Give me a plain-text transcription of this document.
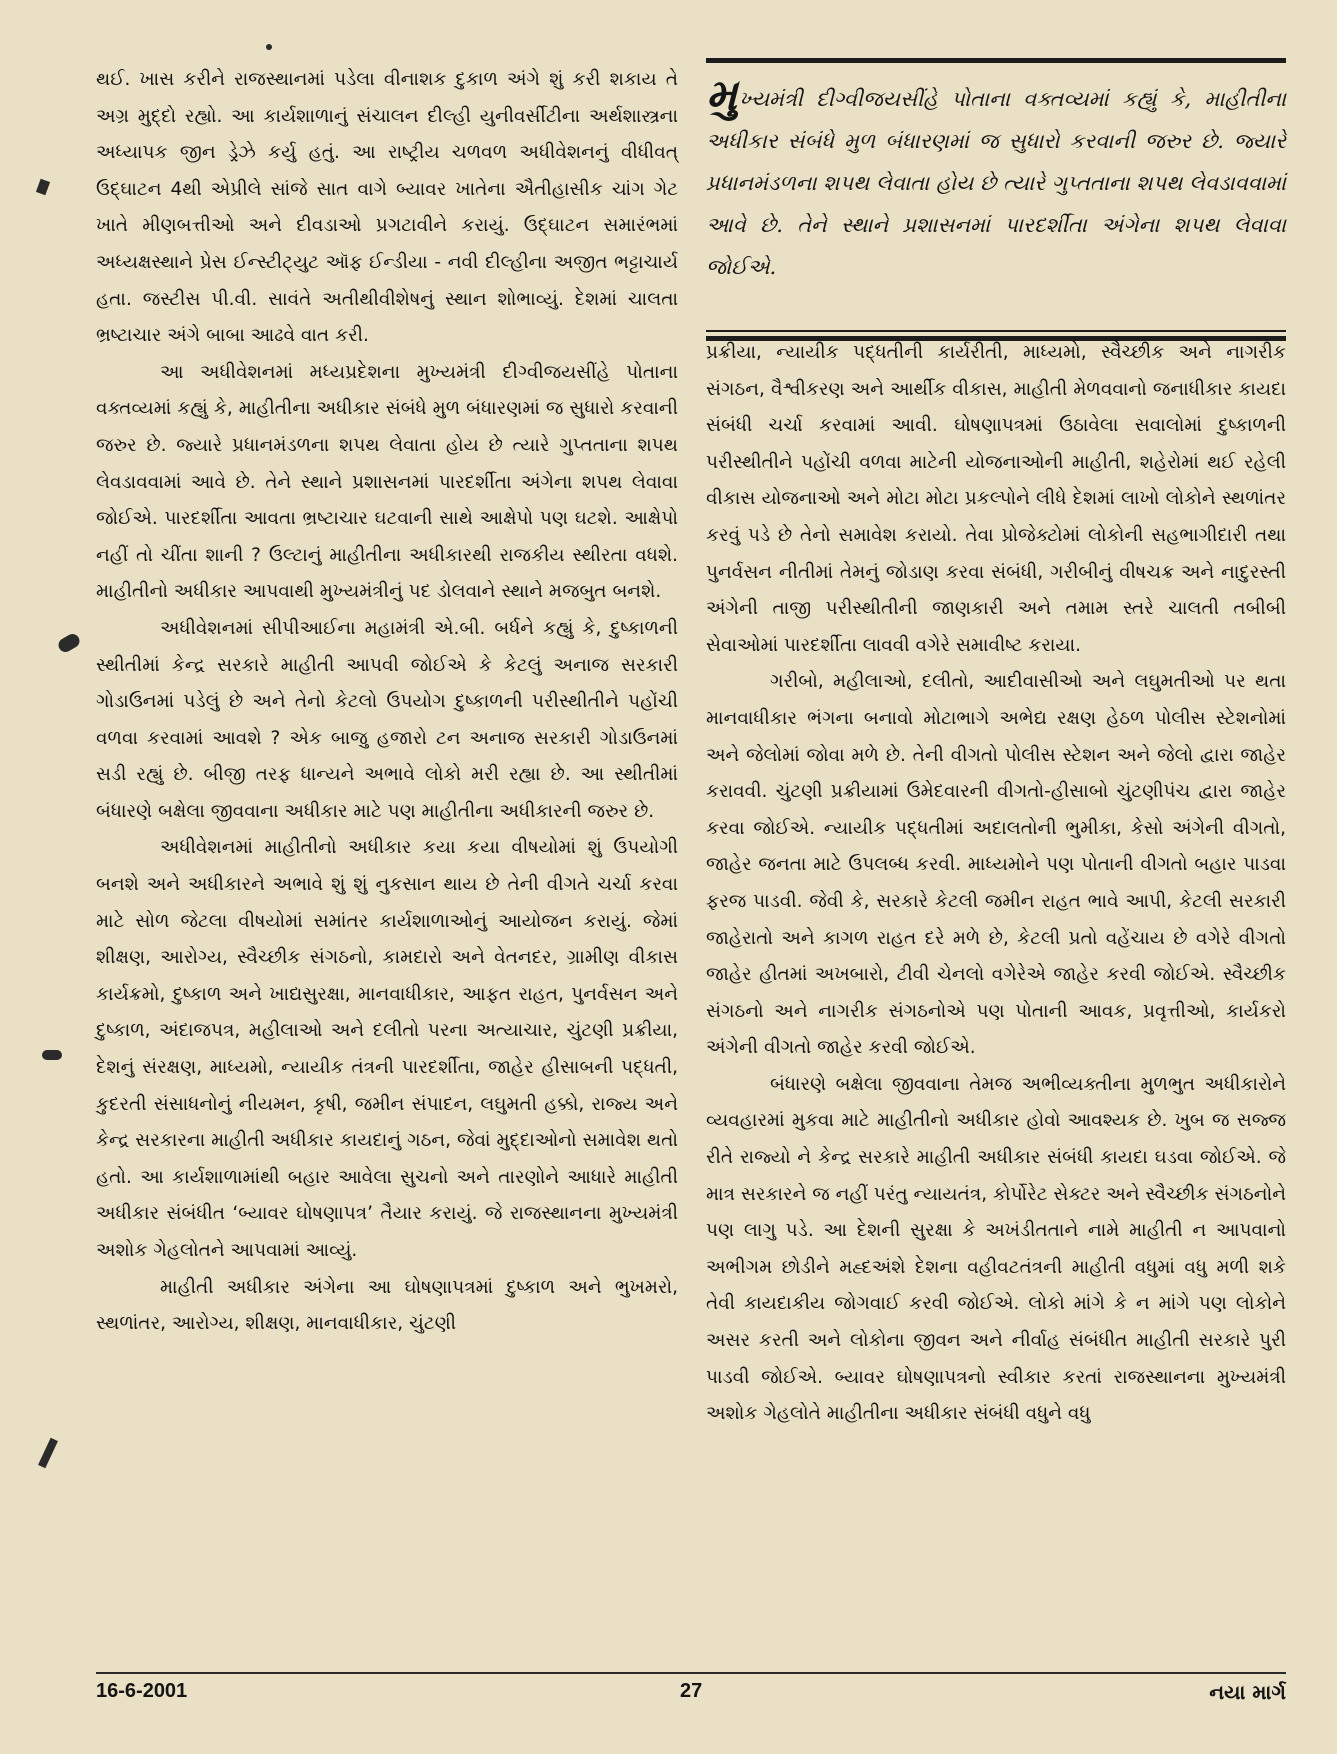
થઈ. ખાસ કરીને રાજસ્થાનમાં પડેલા વીનાશક દુકાળ અંગે શું કરી શકાય તે અગ્ર મુદ્દો રહ્યો. આ કાર્યશાળાનું સંચાલન દીલ્હી યુનીવર્સીટીના અર્થશાસ્ત્રના અધ્યાપક જીન ડ્રેઝે કર્યુ હતું. આ રાષ્ટ્રીય ચળવળ અધીવેશનનું વીધીવત્ ઉદ્ઘાટન 4થી એપ્રીલે સાંજે સાત વાગે બ્યાવર ખાતેના ઐતીહાસીક ચાંગ ગેટ ખાતે મીણબત્તીઓ અને દીવડાઓ પ્રગટાવીને કરાયું. ઉદ્ઘાટન સમારંભમાં અધ્યક્ષસ્થાને પ્રેસ ઈન્સ્ટીટ્યુટ ઑફ ઈન્ડીયા - નવી દીલ્હીના અજીત ભટ્ટાચાર્ય હતા. જસ્ટીસ પી.વી. સાવંતે અતીથીવીશેષનું સ્થાન શોભાવ્યું. દેશમાં ચાલતા ભ્રષ્ટાચાર અંગે બાબા આઢવે વાત કરી.

આ અધીવેશનમાં મધ્યપ્રદેશના મુખ્યમંત્રી દીગ્વીજયસીંહે પોતાના વક્તવ્યમાં કહ્યું કે, માહીતીના અધીકાર સંબંધે મુળ બંધારણમાં જ સુધારો કરવાની જરુર છે. જ્યારે પ્રધાનમંડળના શપથ લેવાતા હોય છે ત્યારે ગુપ્તતાના શપથ લેવડાવવામાં આવે છે. તેને સ્થાને પ્રશાસનમાં પારદર્શીતા અંગેના શપથ લેવાવા જોઈએ. પારદર્શીતા આવતા ભ્રષ્ટાચાર ઘટવાની સાથે આક્ષેપો પણ ઘટશે. આક્ષેપો નહીં તો ચીંતા શાની ? ઉલ્ટાનું માહીતીના અધીકારથી રાજકીય સ્થીરતા વધશે. માહીતીનો અધીકાર આપવાથી મુખ્યમંત્રીનું પદ ડોલવાને સ્થાને મજબુત બનશે.

અધીવેશનમાં સીપીઆઈના મહામંત્રી એ.બી. બર્ધને કહ્યું કે, દુષ્કાળની સ્થીતીમાં કેન્દ્ર સરકારે માહીતી આપવી જોઈએ કે કેટલું અનાજ સરકારી ગોડાઉનમાં પડેલું છે અને તેનો કેટલો ઉપયોગ દુષ્કાળની પરીસ્થીતીને પહોંચી વળવા કરવામાં આવશે ? એક બાજુ હજારો ટન અનાજ સરકારી ગોડાઉનમાં સડી રહ્યું છે. બીજી તરફ ધાન્યને અભાવે લોકો મરી રહ્યા છે. આ સ્થીતીમાં બંધારણે બક્ષેલા જીવવાના અધીકાર માટે પણ માહીતીના અધીકારની જરુર છે.

અધીવેશનમાં માહીતીનો અધીકાર કયા કયા વીષયોમાં શું ઉપયોગી બનશે અને અધીકારને અભાવે શું શું નુકસાન થાય છે તેની વીગતે ચર્ચા કરવા માટે સોળ જેટલા વીષયોમાં સમાંતર કાર્યશાળાઓનું આયોજન કરાયું. જેમાં શીક્ષણ, આરોગ્ય, સ્વૈચ્છીક સંગઠનો, કામદારો અને વેતનદર, ગ્રામીણ વીકાસ કાર્યક્રમો, દુષ્કાળ અને ખાદ્યસુરક્ષા, માનવાધીકાર, આફત રાહત, પુનર્વસન અને દુષ્કાળ, અંદાજપત્ર, મહીલાઓ અને દલીતો પરના અત્યાચાર, ચુંટણી પ્રક્રીયા, દેશનું સંરક્ષણ, માધ્યમો, ન્યાયીક તંત્રની પારદર્શીતા, જાહેર હીસાબની પદ્ધતી, કુદરતી સંસાધનોનું નીયમન, કૃષી, જમીન સંપાદન, લઘુમતી હક્કો, રાજ્ય અને કેન્દ્ર સરકારના માહીતી અધીકાર કાયદાનું ગઠન, જેવાં મુદ્દાઓનો સમાવેશ થતો હતો. આ કાર્યશાળામાંથી બહાર આવેલા સુચનો અને તારણોને આધારે માહીતી અધીકાર સંબંધીત ‘બ્યાવર ઘોષણાપત્ર’ તૈયાર કરાયું. જે રાજસ્થાનના મુખ્યમંત્રી અશોક ગેહલોતને આપવામાં આવ્યું.

માહીતી અધીકાર અંગેના આ ઘોષણાપત્રમાં દુષ્કાળ અને ભુખમરો, સ્થળાંતર, આરોગ્ય, શીક્ષણ, માનવાધીકાર, ચુંટણી

મુખ્યમંત્રી દીગ્વીજયસીંહે પોતાના વક્તવ્યમાં કહ્યું કે, માહીતીના અધીકાર સંબંધે મુળ બંધારણમાં જ સુધારો કરવાની જરુર છે. જ્યારે પ્રધાનમંડળના શપથ લેવાતા હોય છે ત્યારે ગુપ્તતાના શપથ લેવડાવવામાં આવે છે. તેને સ્થાને પ્રશાસનમાં પારદર્શીતા અંગેના શપથ લેવાવા જોઈએ.

પ્રક્રીયા, ન્યાયીક પદ્ધતીની કાર્યરીતી, માધ્યમો, સ્વૈચ્છીક અને નાગરીક સંગઠન, વૈશ્વીકરણ અને આર્થીક વીકાસ, માહીતી મેળવવાનો જનાધીકાર કાયદા સંબંધી ચર્ચા કરવામાં આવી. ઘોષણાપત્રમાં ઉઠાવેલા સવાલોમાં દુષ્કાળની પરીસ્થીતીને પહોંચી વળવા માટેની યોજનાઓની માહીતી, શહેરોમાં થઈ રહેલી વીકાસ યોજનાઓ અને મોટા મોટા પ્રકલ્પોને લીધે દેશમાં લાખો લોકોને સ્થળાંતર કરવું પડે છે તેનો સમાવેશ કરાયો. તેવા પ્રોજેક્ટોમાં લોકોની સહભાગીદારી તથા પુનર્વસન નીતીમાં તેમનું જોડાણ કરવા સંબંધી, ગરીબીનું વીષચક્ર અને નાદુરસ્તી અંગેની તાજી પરીસ્થીતીની જાણકારી અને તમામ સ્તરે ચાલતી તબીબી સેવાઓમાં પારદર્શીતા લાવવી વગેરે સમાવીષ્ટ કરાયા.

ગરીબો, મહીલાઓ, દલીતો, આદીવાસીઓ અને લઘુમતીઓ પર થતા માનવાધીકાર ભંગના બનાવો મોટાભાગે અભેદ્ય રક્ષણ હેઠળ પોલીસ સ્ટેશનોમાં અને જેલોમાં જોવા મળે છે. તેની વીગતો પોલીસ સ્ટેશન અને જેલો દ્વારા જાહેર કરાવવી. ચુંટણી પ્રક્રીયામાં ઉમેદવારની વીગતો-હીસાબો ચુંટણીપંચ દ્વારા જાહેર કરવા જોઈએ. ન્યાયીક પદ્ધતીમાં અદાલતોની ભુમીકા, કેસો અંગેની વીગતો, જાહેર જનતા માટે ઉપલબ્ધ કરવી. માધ્યમોને પણ પોતાની વીગતો બહાર પાડવા ફરજ પાડવી. જેવી કે, સરકારે કેટલી જમીન રાહત ભાવે આપી, કેટલી સરકારી જાહેરાતો અને કાગળ રાહત દરે મળે છે, કેટલી પ્રતો વહેંચાય છે વગેરે વીગતો જાહેર હીતમાં અખબારો, ટીવી ચેનલો વગેરેએ જાહેર કરવી જોઈએ. સ્વૈચ્છીક સંગઠનો અને નાગરીક સંગઠનોએ પણ પોતાની આવક, પ્રવૃત્તીઓ, કાર્યકરો અંગેની વીગતો જાહેર કરવી જોઈએ.

બંધારણે બક્ષેલા જીવવાના તેમજ અભીવ્યક્તીના મુળભુત અધીકારોને વ્યવહારમાં મુકવા માટે માહીતીનો અધીકાર હોવો આવશ્યક છે. ખુબ જ સજ્જ રીતે રાજ્યો ને કેન્દ્ર સરકારે માહીતી અધીકાર સંબંધી કાયદા ઘડવા જોઈએ. જે માત્ર સરકારને જ નહીં પરંતુ ન્યાયતંત્ર, કોર્પોરેટ સેક્ટર અને સ્વૈચ્છીક સંગઠનોને પણ લાગુ પડે. આ દેશની સુરક્ષા કે અખંડીતતાને નામે માહીતી ન આપવાનો અભીગમ છોડીને મહ્દઅંશે દેશના વહીવટતંત્રની માહીતી વધુમાં વધુ મળી શકે તેવી કાયદાકીય જોગવાઈ કરવી જોઈએ. લોકો માંગે કે ન માંગે પણ લોકોને અસર કરતી અને લોકોના જીવન અને નીર્વાહ સંબંધીત માહીતી સરકારે પુરી પાડવી જોઈએ. બ્યાવર ઘોષણાપત્રનો સ્વીકાર કરતાં રાજસ્થાનના મુખ્યમંત્રી અશોક ગેહલોતે માહીતીના અધીકાર સંબંધી વધુને વધુ

16-6-2001	27	નયા માર્ગ
